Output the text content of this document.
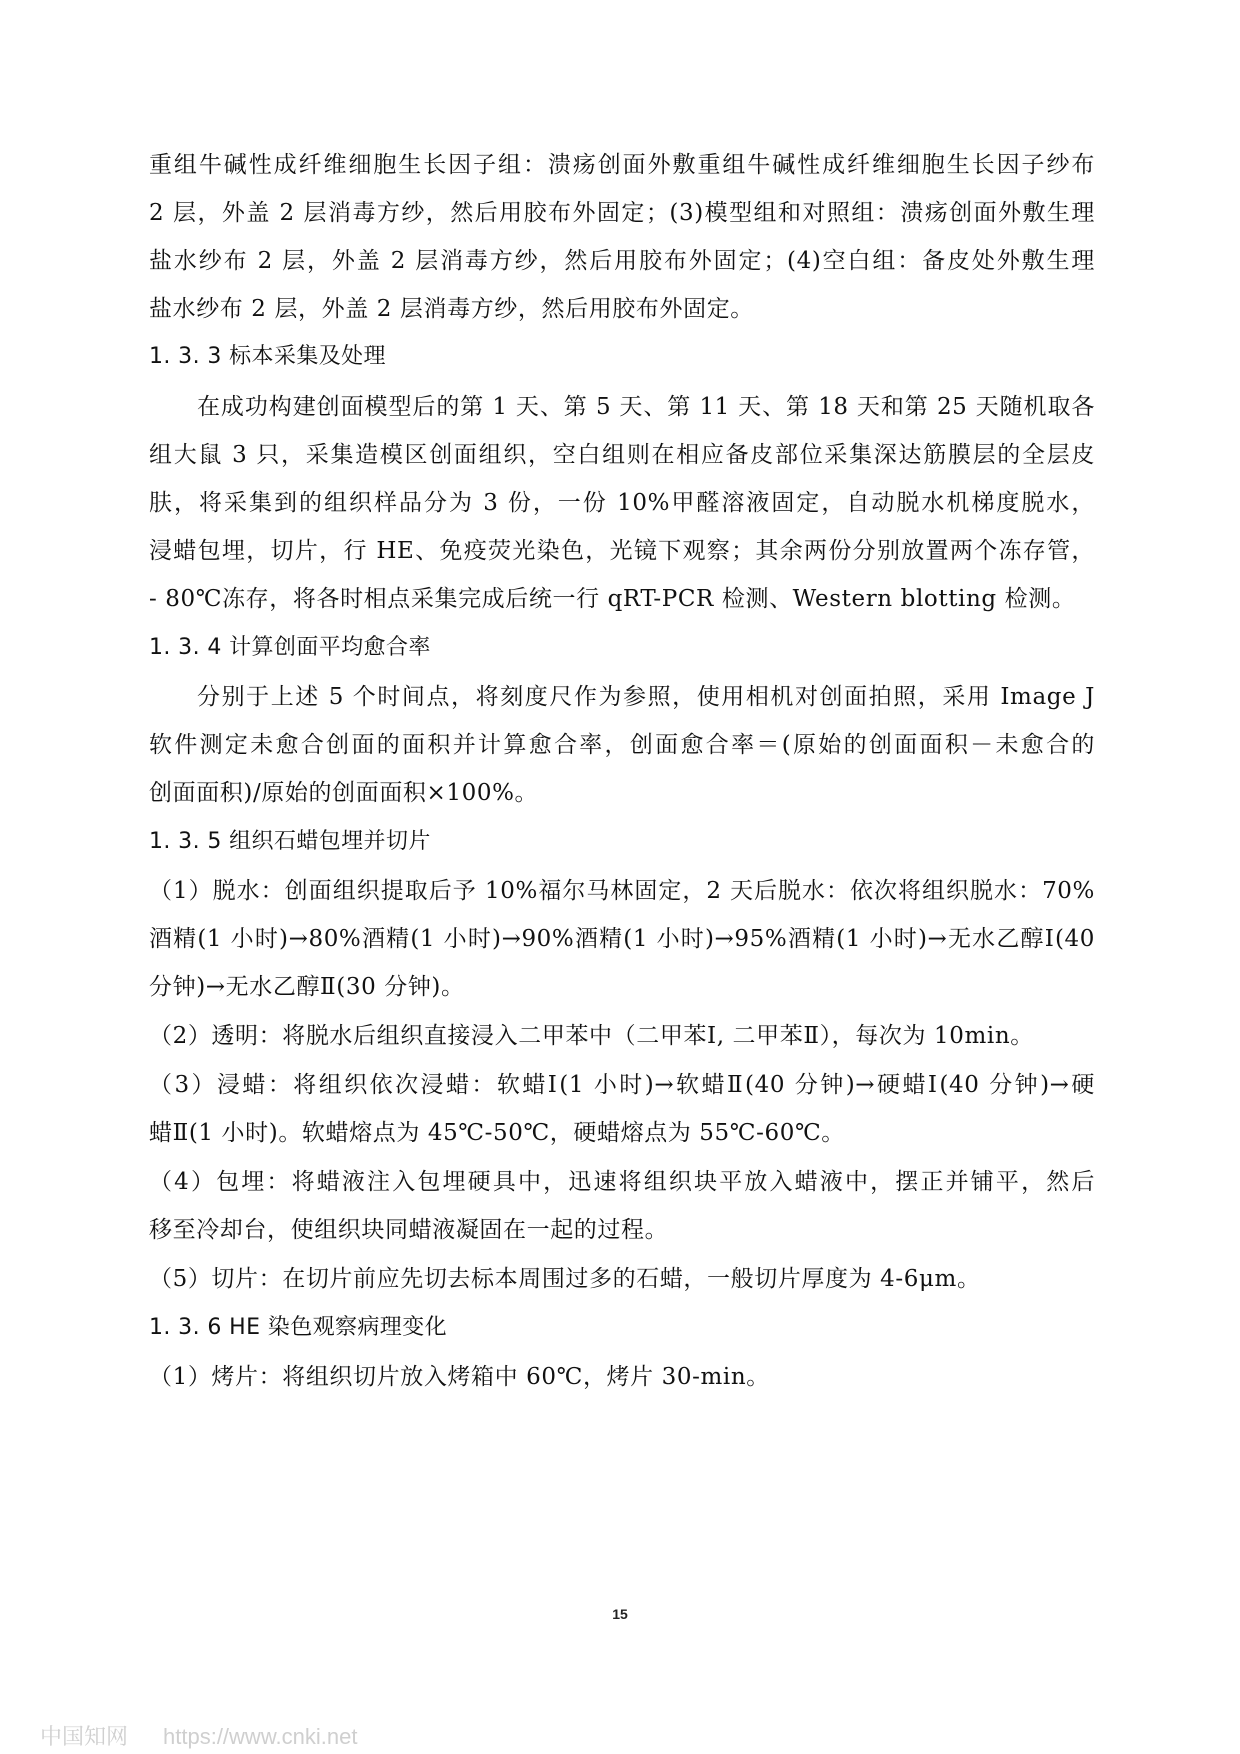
重组牛碱性成纤维细胞生长因子组：溃疡创面外敷重组牛碱性成纤维细胞生长因子纱布
2 层，外盖 2 层消毒方纱，然后用胶布外固定；(3)模型组和对照组：溃疡创面外敷生理
盐水纱布 2 层，外盖 2 层消毒方纱，然后用胶布外固定；(4)空白组：备皮处外敷生理
盐水纱布 2 层，外盖 2 层消毒方纱，然后用胶布外固定。
1. 3. 3 标本采集及处理
在成功构建创面模型后的第 1 天、第 5 天、第 11 天、第 18 天和第 25 天随机取各
组大鼠 3 只，采集造模区创面组织，空白组则在相应备皮部位采集深达筋膜层的全层皮
肤，将采集到的组织样品分为 3 份，一份 10%甲醛溶液固定，自动脱水机梯度脱水，
浸蜡包埋，切片，行 HE、免疫荧光染色，光镜下观察；其余两份分别放置两个冻存管，
- 80℃冻存，将各时相点采集完成后统一行 qRT-PCR 检测、Western blotting 检测。
1. 3. 4 计算创面平均愈合率
分别于上述 5 个时间点，将刻度尺作为参照，使用相机对创面拍照，采用 Image J
软件测定未愈合创面的面积并计算愈合率，创面愈合率＝(原始的创面面积－未愈合的
创面面积)/原始的创面面积×100%。
1. 3. 5 组织石蜡包埋并切片
（1）脱水：创面组织提取后予 10%福尔马林固定，2 天后脱水：依次将组织脱水：70%
酒精(1 小时)→80%酒精(1 小时)→90%酒精(1 小时)→95%酒精(1 小时)→无水乙醇Ⅰ(40
分钟)→无水乙醇Ⅱ(30 分钟)。
（2）透明：将脱水后组织直接浸入二甲苯中（二甲苯Ⅰ, 二甲苯Ⅱ），每次为 10min。
（3）浸蜡：将组织依次浸蜡：软蜡Ⅰ(1 小时)→软蜡Ⅱ(40 分钟)→硬蜡Ⅰ(40 分钟)→硬
蜡Ⅱ(1 小时)。软蜡熔点为 45℃-50℃，硬蜡熔点为 55℃-60℃。
（4）包埋：将蜡液注入包埋硬具中，迅速将组织块平放入蜡液中，摆正并铺平，然后
移至冷却台，使组织块同蜡液凝固在一起的过程。
（5）切片：在切片前应先切去标本周围过多的石蜡，一般切片厚度为 4-6μm。
1. 3. 6 HE 染色观察病理变化
（1）烤片：将组织切片放入烤箱中 60℃，烤片 30-min。
15
中国知网 https://www.cnki.net
